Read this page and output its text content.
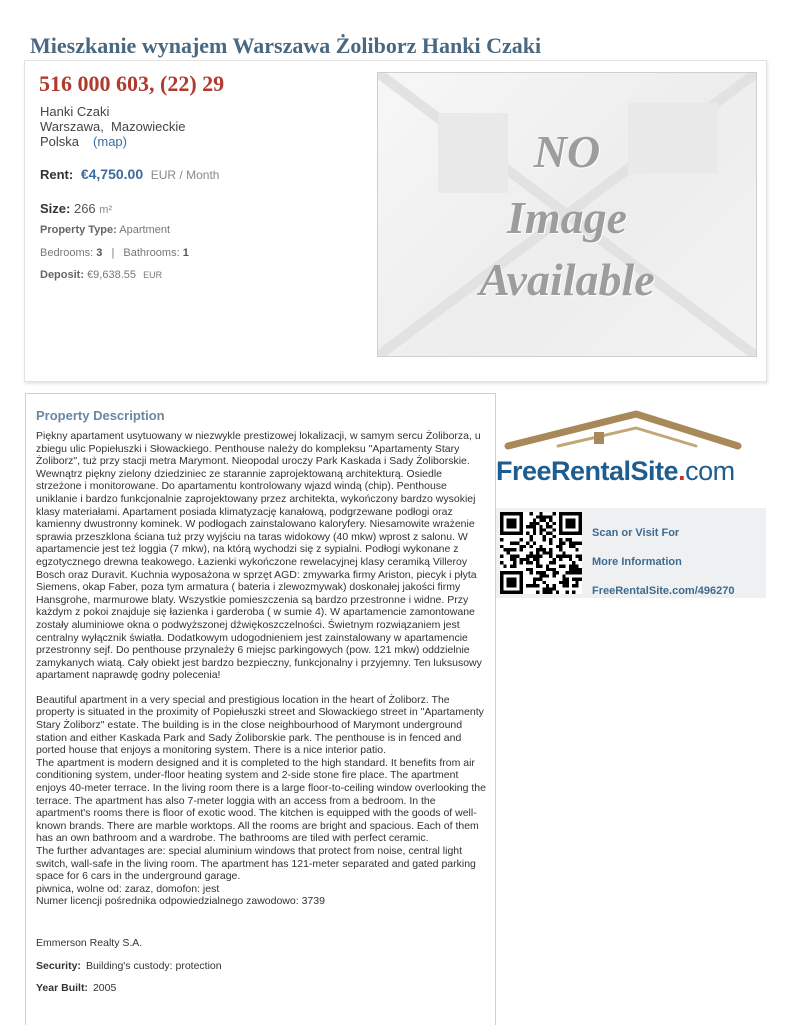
Mieszkanie wynajem Warszawa Żoliborz Hanki Czaki
516 000 603, (22) 29
Hanki Czaki
Warszawa,  Mazowieckie
Polska (map)
Rent: €4,750.00 EUR / Month
Size: 266 m²
Property Type: Apartment
Bedrooms: 3 | Bathrooms: 1
Deposit: €9,638.55 EUR
NO
Image
Available
Property Description

Piękny apartament usytuowany w niezwykle prestizowej lokalizacji, w samym sercu Żoliborza, u zbiegu ulic Popiełuszki i Słowackiego. Penthouse należy do kompleksu "Apartamenty Stary Żoliborz", tuż przy stacji metra Marymont. Nieopodal uroczy Park Kaskada i Sady Żoliborskie. Wewnątrz piękny zielony dziedziniec ze starannie zaprojektowaną architekturą. Osiedle strzeżone i monitorowane. Do apartamentu kontrolowany wjazd windą (chip). Penthouse uniklanie i bardzo funkcjonalnie zaprojektowany przez architekta, wykończony bardzo wysokiej klasy materiałami. Apartament posiada klimatyzację kanałową, podgrzewane podłogi oraz kamienny dwustronny kominek. W podłogach zainstalowano kaloryfery. Niesamowite wrażenie sprawia przeszklona ściana tuż przy wyjściu na taras widokowy (40 mkw) wprost z salonu. W apartamencie jest też loggia (7 mkw), na którą wychodzi się z sypialni. Podłogi wykonane z egzotycznego drewna teakowego. Łazienki wykończone rewelacyjnej klasy ceramiką Villeroy Bosch oraz Duravit. Kuchnia wyposażona w sprzęt AGD: zmywarka firmy Ariston, piecyk i płyta Siemens, okap Faber, poza tym armatura ( bateria i zlewozmywak) doskonałej jakości firmy Hansgrohe, marmurowe blaty. Wszystkie pomieszczenia są bardzo przestronne i widne. Przy każdym z pokoi znajduje się łazienka i garderoba ( w sumie 4). W apartamencie zamontowane zostały aluminiowe okna o podwyższonej dźwiękoszczelności. Świetnym rozwiązaniem jest centralny wyłącznik światła. Dodatkowym udogodnieniem jest zainstalowany w apartamencie przestronny sejf. Do penthouse przynależy 6 miejsc parkingowych (pow. 121 mkw) oddzielnie zamykanych wiatą. Cały obiekt jest bardzo bezpieczny, funkcjonalny i przyjemny. Ten luksusowy apartament naprawdę godny polecenia!

Beautiful apartment in a very special and prestigious location in the heart of Żoliborz. The property is situated in the proximity of Popiełuszki street and Słowackiego street in "Apartamenty Stary Żoliborz" estate. The building is in the close neighbourhood of Marymont underground station and either Kaskada Park and Sady Żoliborskie park. The penthouse is in fenced and ported house that enjoys a monitoring system. There is a nice interior patio.
The apartment is modern designed and it is completed to the high standard. It benefits from air conditioning system, under-floor heating system and 2-side stone fire place. The apartment enjoys 40-meter terrace. In the living room there is a large floor-to-ceiling window overlooking the terrace. The apartment has also 7-meter loggia with an access from a bedroom. In the apartment's rooms there is floor of exotic wood. The kitchen is equipped with the goods of well-known brands. There are marble worktops. All the rooms are bright and spacious. Each of them has an own bathroom and a wardrobe. The bathrooms are tiled with perfect ceramic.
The further advantages are: special aluminium windows that protect from noise, central light switch, wall-safe in the living room. The apartment has 121-meter separated and gated parking space for 6 cars in the underground garage.
piwnica, wolne od: zaraz, domofon: jest
Numer licencji pośrednika odpowiedzialnego zawodowo: 3739

Emmerson Realty S.A.
Security: Building's custody: protection
Year Built: 2005
FreeRentalSite.com
Scan or Visit For
More Information
FreeRentalSite.com/496270
